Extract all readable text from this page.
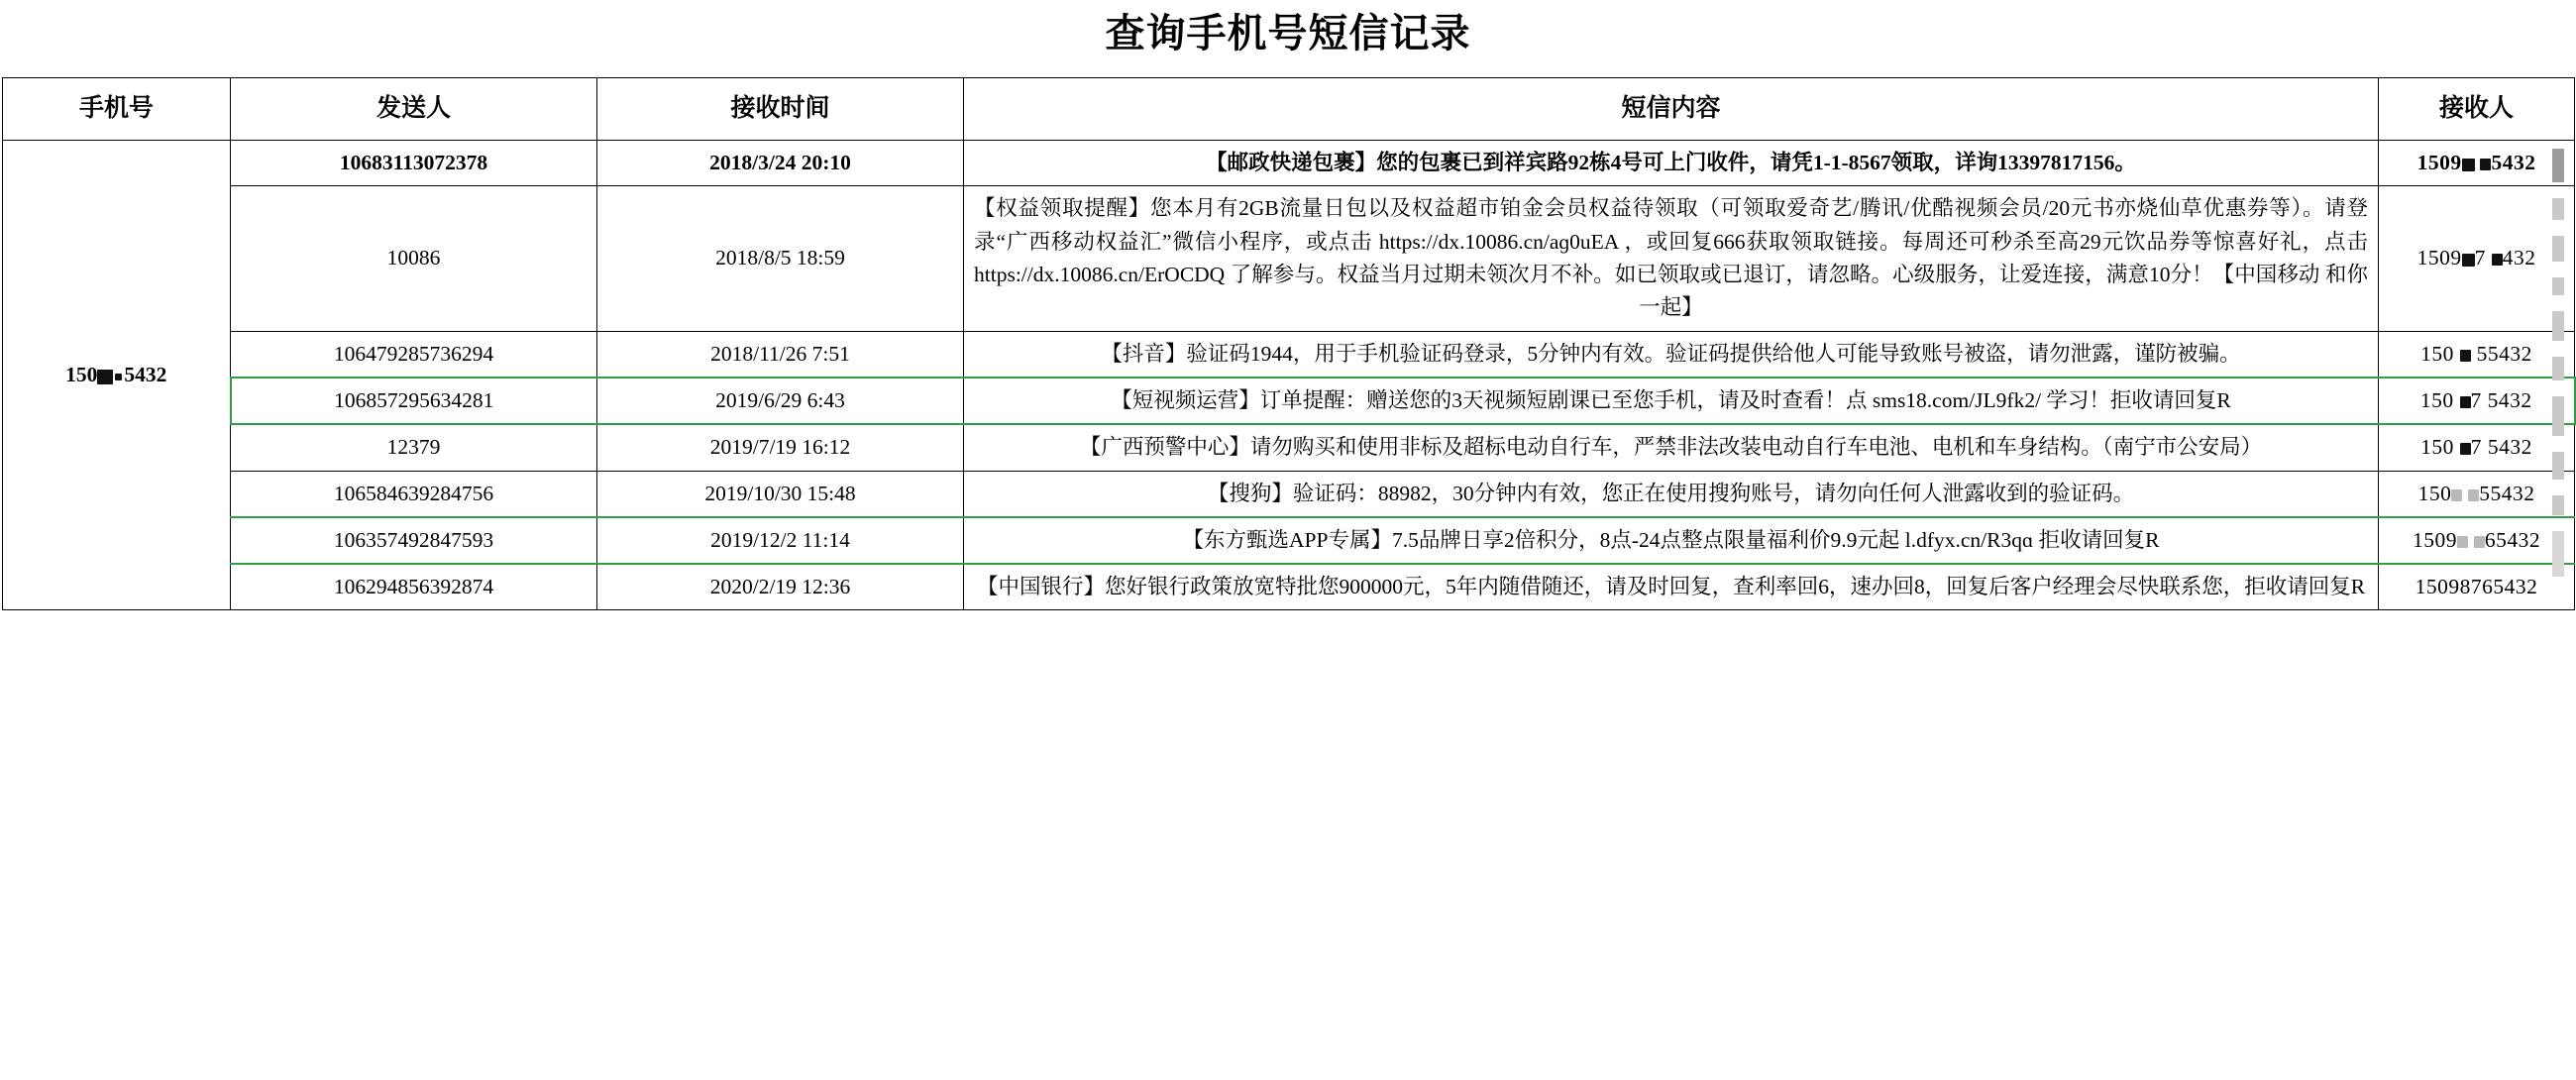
查询手机号短信记录
手机号	发送人	接收时间	短信内容	接收人
150 5432	10683113072378	2018/3/24 20:10	【邮政快递包裹】您的包裹已到祥宾路92栋4号可上门收件，请凭1-1-8567领取，详询13397817156。	1509 5432
	10086	2018/8/5 18:59	【权益领取提醒】您本月有2GB流量日包以及权益超市铂金会员权益待领取（可领取爱奇艺/腾讯/优酷视频会员/20元书亦烧仙草优惠券等）。请登录“广西移动权益汇”微信小程序，或点击 https://dx.10086.cn/aɡ0uEA ，或回复666获取领取链接。每周还可秒杀至高29元饮品券等惊喜好礼，点击 https://dx.10086.cn/ErOCDQ 了解参与。权益当月过期未领次月不补。如已领取或已退订，请忽略。心级服务，让爱连接，满意10分！【中国移动 和你一起】	1509 7 432
	106479285736294	2018/11/26 7:51	【抖音】验证码1944，用于手机验证码登录，5分钟内有效。验证码提供给他人可能导致账号被盗，请勿泄露，谨防被骗。	150  55432
	106857295634281	2019/6/29 6:43	【短视频运营】订单提醒：赠送您的3天视频短剧课已至您手机，请及时查看！点 sms18.com/JL9fk2/ 学习！拒收请回复R	150 7 5432
	12379	2019/7/19 16:12	【广西预警中心】请勿购买和使用非标及超标电动自行车，严禁非法改装电动自行车电池、电机和车身结构。（南宁市公安局）	150 7 5432
	106584639284756	2019/10/30 15:48	【搜狗】验证码：88982，30分钟内有效，您正在使用搜狗账号，请勿向任何人泄露收到的验证码。	150 55432
	106357492847593	2019/12/2 11:14	【东方甄选APP专属】7.5品牌日享2倍积分，8点-24点整点限量福利价9.9元起 l.dfyx.cn/R3qɑ 拒收请回复R	1509 65432
	106294856392874	2020/2/19 12:36	【中国银行】您好银行政策放宽特批您900000元，5年内随借随还，请及时回复，查利率回6，速办回8，回复后客户经理会尽快联系您，拒收请回复R	15098765432
